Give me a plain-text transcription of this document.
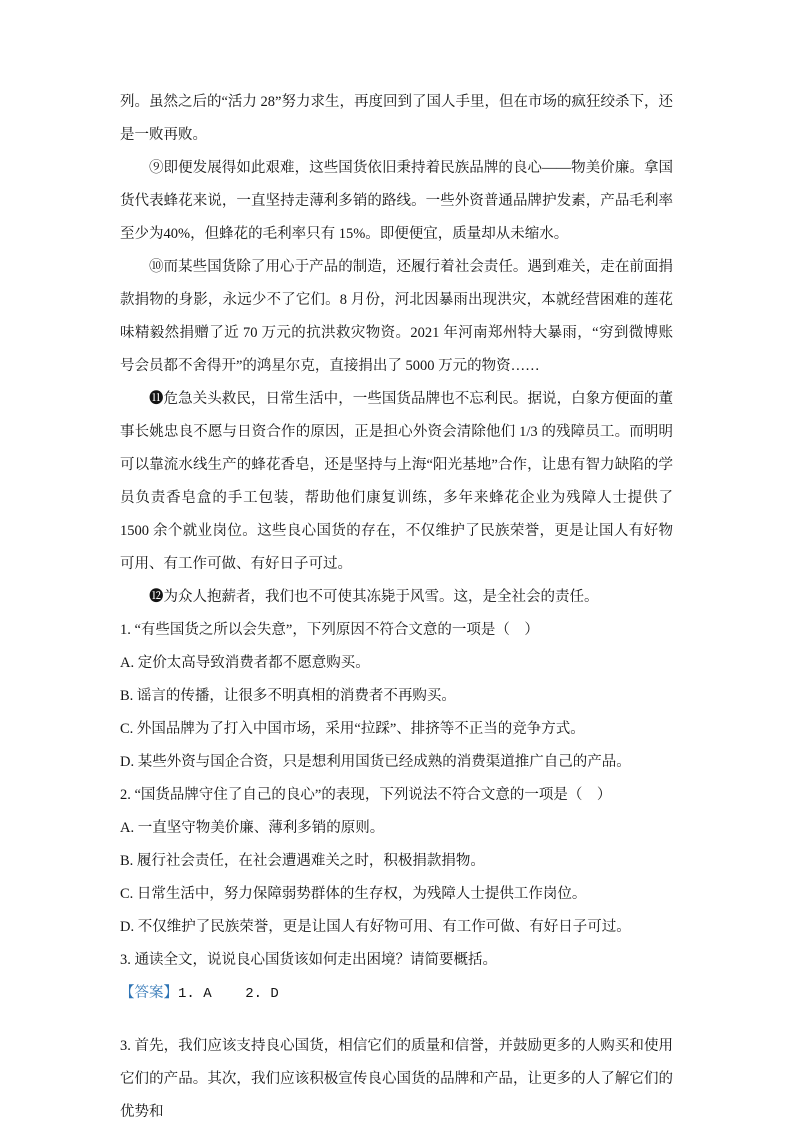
列。虽然之后的“活力 28”努力求生，再度回到了国人手里，但在市场的疯狂绞杀下，还是一败再败。

⑨即便发展得如此艰难，这些国货依旧秉持着民族品牌的良心——物美价廉。拿国货代表蜂花来说，一直坚持走薄利多销的路线。一些外资普通品牌护发素，产品毛利率至少为40%，但蜂花的毛利率只有 15%。即便便宜，质量却从未缩水。

⑩而某些国货除了用心于产品的制造，还履行着社会责任。遇到难关，走在前面捐款捐物的身影，永远少不了它们。8 月份，河北因暴雨出现洪灾，本就经营困难的莲花味精毅然捐赠了近 70 万元的抗洪救灾物资。2021 年河南郑州特大暴雨，“穷到微博账号会员都不舍得开”的鸿星尔克，直接捐出了 5000 万元的物资……

⓫危急关头救民，日常生活中，一些国货品牌也不忘利民。据说，白象方便面的董事长姚忠良不愿与日资合作的原因，正是担心外资会清除他们 1/3 的残障员工。而明明可以靠流水线生产的蜂花香皂，还是坚持与上海“阳光基地”合作，让患有智力缺陷的学员负责香皂盒的手工包装，帮助他们康复训练，多年来蜂花企业为残障人士提供了 1500 余个就业岗位。这些良心国货的存在，不仅维护了民族荣誉，更是让国人有好物可用、有工作可做、有好日子可过。

⓬为众人抱薪者，我们也不可使其冻毙于风雪。这，是全社会的责任。

1. “有些国货之所以会失意”，下列原因不符合文意的一项是（　）

A. 定价太高导致消费者都不愿意购买。

B. 谣言的传播，让很多不明真相的消费者不再购买。

C. 外国品牌为了打入中国市场，采用“拉踩”、排挤等不正当的竞争方式。

D. 某些外资与国企合资，只是想利用国货已经成熟的消费渠道推广自己的产品。

2. “国货品牌守住了自己的良心”的表现，下列说法不符合文意的一项是（　）

A. 一直坚守物美价廉、薄利多销的原则。

B. 履行社会责任，在社会遭遇难关之时，积极捐款捐物。

C. 日常生活中，努力保障弱势群体的生存权，为残障人士提供工作岗位。

D. 不仅维护了民族荣誉，更是让国人有好物可用、有工作可做、有好日子可过。

3. 通读全文，说说良心国货该如何走出困境？请简要概括。

【答案】1. A    2. D

3. 首先，我们应该支持良心国货，相信它们的质量和信誉，并鼓励更多的人购买和使用它们的产品。其次，我们应该积极宣传良心国货的品牌和产品，让更多的人了解它们的优势和
